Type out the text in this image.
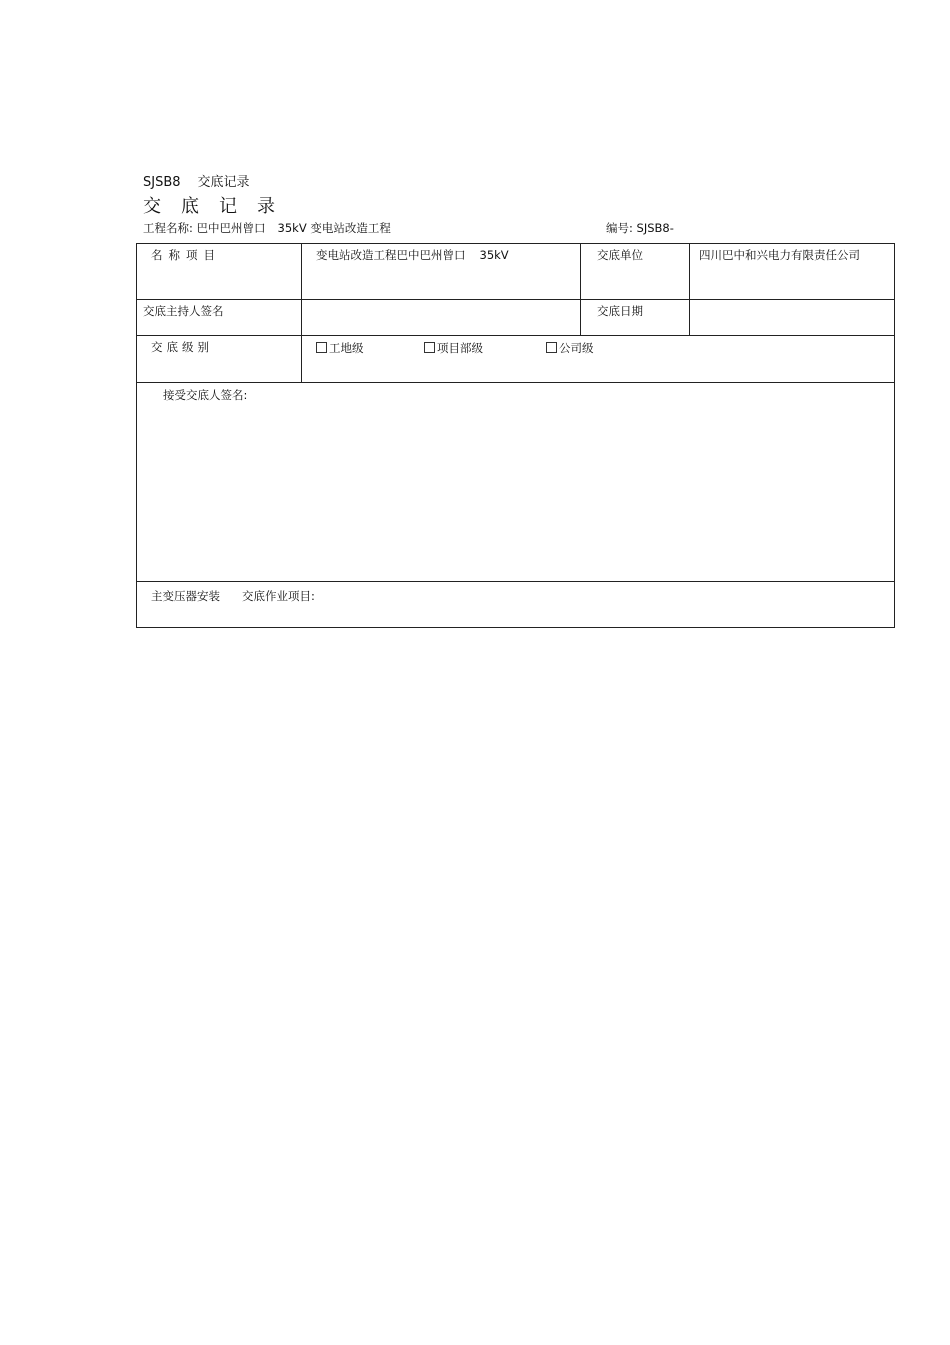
SJSB8 交底记录
交底记录
工程名称: 巴中巴州曾口 35kV 变电站改造工程	编号: SJSB8-
名称项目	变电站改造工程巴中巴州曾口 35kV	交底单位	四川巴中和兴电力有限责任公司

交底主持人签名		交底日期	

交底级别	工地级 项目部级 公司级		

接受交底人签名:			

主变压器安装 交底作业项目:			
